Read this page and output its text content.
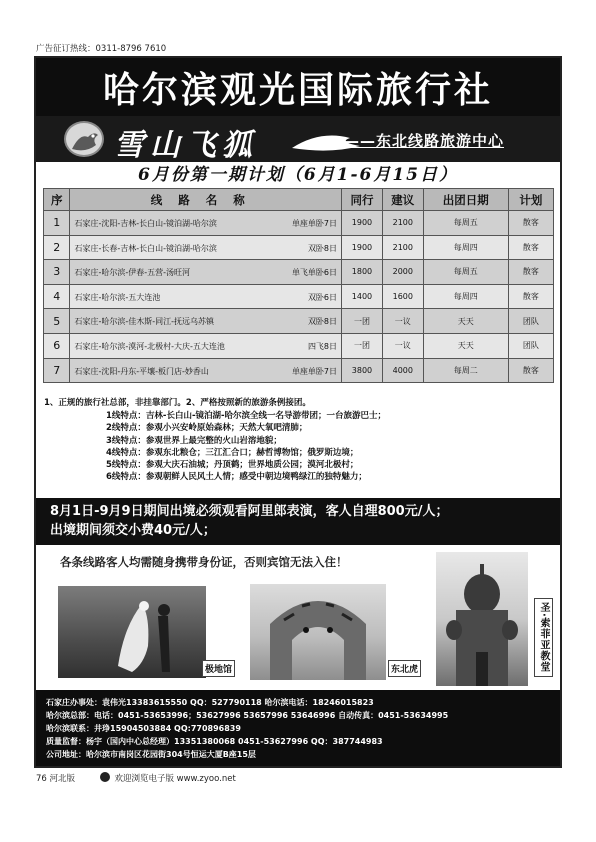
广告征订热线：0311-8796 7610
哈尔滨观光国际旅行社
雪山飞狐	——东北线路旅游中心
6月份第一期计划（6月1-6月15日）
序	线路名称	同行	建议	出团日期	计划
1	石家庄-沈阳-吉林-长白山-镜泊湖-哈尔滨 单座单卧7日	1900	2100	每周五	散客
2	石家庄-长春-吉林-长白山-镜泊湖-哈尔滨 双卧8日	1900	2100	每周四	散客
3	石家庄-哈尔滨-伊春-五营-汤旺河 单飞单卧6日	1800	2000	每周五	散客
4	石家庄-哈尔滨-五大连池 双卧6日	1400	1600	每周四	散客
5	石家庄-哈尔滨-佳木斯-同江-抚远乌苏镇 双卧8日	一团	一议	天天	团队
6	石家庄-哈尔滨-漠河-北极村-大庆-五大连池 四飞8日	一团	一议	天天	团队
7	石家庄-沈阳-丹东-平壤-板门店-妙香山 单座单卧7日	3800	4000	每周二	散客
1、正规的旅行社总部，非挂靠部门。2、严格按照新的旅游条例接团。
1线特点：吉林-长白山-镜泊湖-哈尔滨全线一名导游带团；一台旅游巴士；
2线特点：参观小兴安岭原始森林；天然大氧吧清肺；
3线特点：参观世界上最完整的火山岩溶地貌；
4线特点：参观东北粮仓；三江汇合口；赫哲博物馆；俄罗斯边境；
5线特点：参观大庆石油城；丹顶鹤；世界地质公园；漠河北极村；
6线特点：参观朝鲜人民风土人情；感受中朝边境鸭绿江的独特魅力；
8月1日-9月9日期间出境必须观看阿里郎表演，客人自理800元/人；
出境期间须交小费40元/人；
各条线路客人均需随身携带身份证，否则宾馆无法入住！
极地馆	东北虎	圣·索菲亚教堂
石家庄办事处：袁伟光13383615550 QQ：527790118 哈尔滨电话：18246015823
哈尔滨总部：电话：0451-53653996；53627996 53657996 53646996 自动传真：0451-53634995
哈尔滨联系：井琤15904503884 QQ:770896839
质量监督：杨宇（国内中心总经理）13351380068 0451-53627996 QQ：387744983
公司地址：哈尔滨市南岗区花园街304号恒运大厦B座15层
76 河北版	欢迎浏览电子版 www.zyoo.net
